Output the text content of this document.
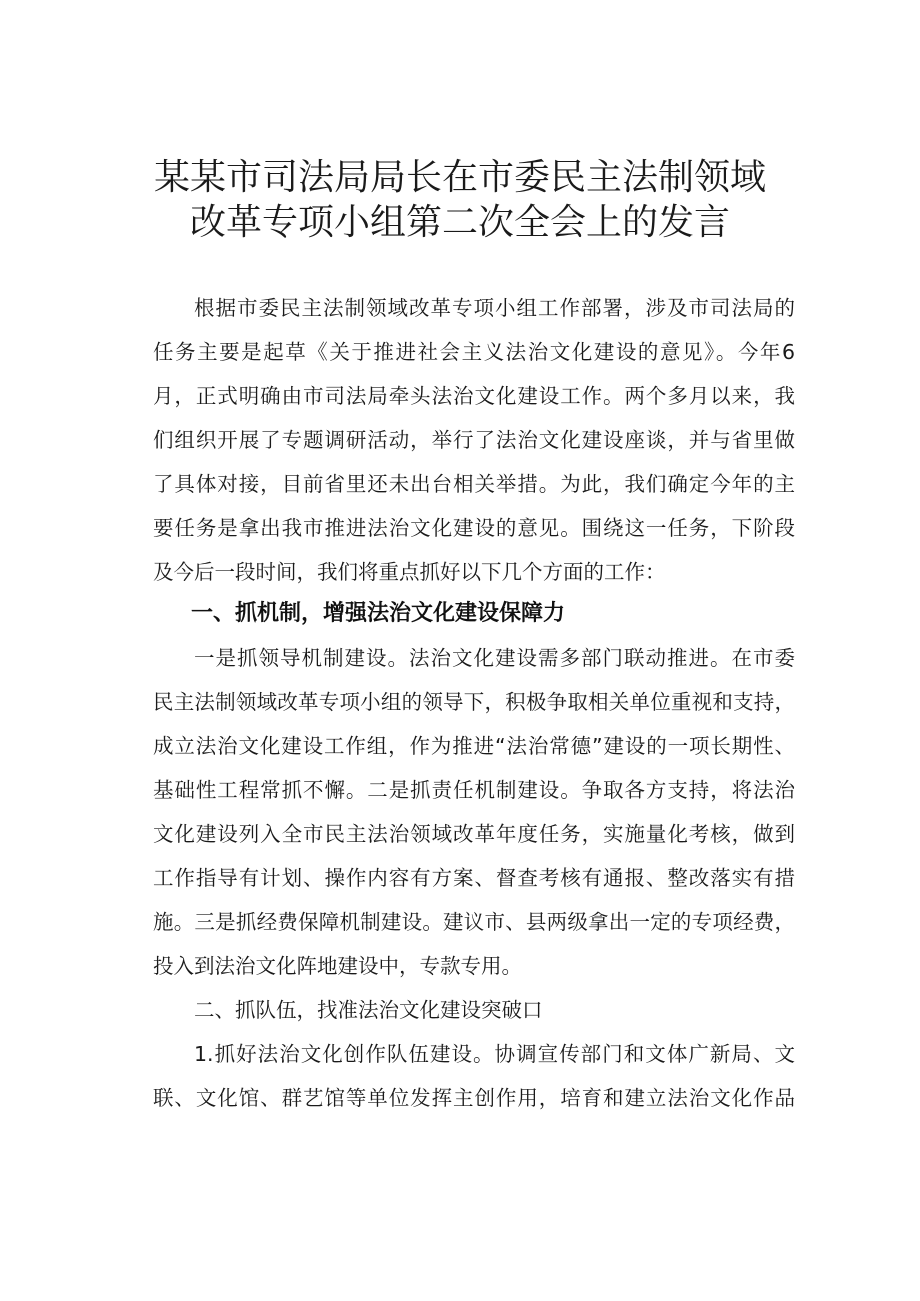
某某市司法局局长在市委民主法制领域
改革专项小组第二次全会上的发言
根据市委民主法制领域改革专项小组工作部署，涉及市司法局的
任务主要是起草《关于推进社会主义法治文化建设的意见》。今年6
月，正式明确由市司法局牵头法治文化建设工作。两个多月以来，我
们组织开展了专题调研活动，举行了法治文化建设座谈，并与省里做
了具体对接，目前省里还未出台相关举措。为此，我们确定今年的主
要任务是拿出我市推进法治文化建设的意见。围绕这一任务，下阶段
及今后一段时间，我们将重点抓好以下几个方面的工作：
一、抓机制，增强法治文化建设保障力
一是抓领导机制建设。法治文化建设需多部门联动推进。在市委
民主法制领域改革专项小组的领导下，积极争取相关单位重视和支持，
成立法治文化建设工作组，作为推进“法治常德”建设的一项长期性、
基础性工程常抓不懈。二是抓责任机制建设。争取各方支持，将法治
文化建设列入全市民主法治领域改革年度任务，实施量化考核，做到
工作指导有计划、操作内容有方案、督查考核有通报、整改落实有措
施。三是抓经费保障机制建设。建议市、县两级拿出一定的专项经费，
投入到法治文化阵地建设中，专款专用。
二、抓队伍，找准法治文化建设突破口
1.抓好法治文化创作队伍建设。协调宣传部门和文体广新局、文
联、文化馆、群艺馆等单位发挥主创作用，培育和建立法治文化作品
